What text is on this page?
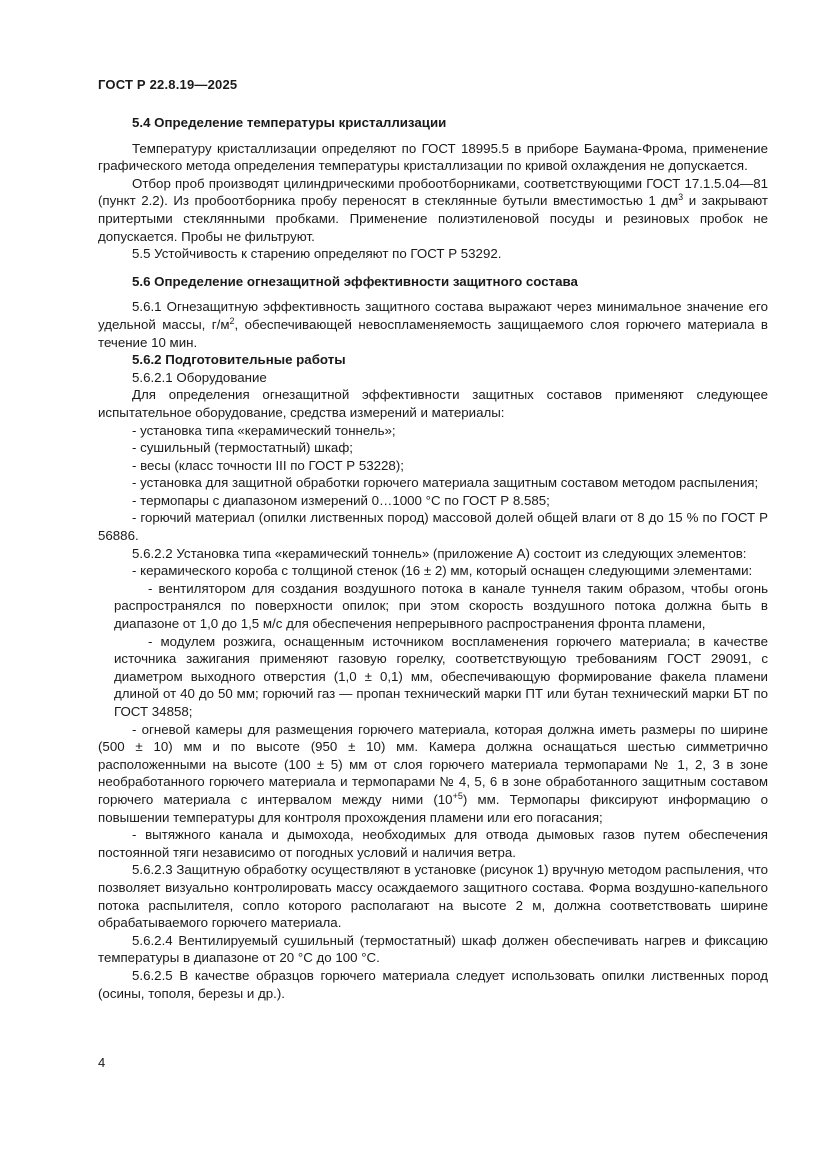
ГОСТ Р 22.8.19—2025

5.4 Определение температуры кристаллизации

Температуру кристаллизации определяют по ГОСТ 18995.5 в приборе Баумана-Фрома, применение графического метода определения температуры кристаллизации по кривой охлаждения не допускается.

Отбор проб производят цилиндрическими пробоотборниками, соответствующими ГОСТ 17.1.5.04—81 (пункт 2.2). Из пробоотборника пробу переносят в стеклянные бутыли вместимостью 1 $дм^3$ и закрывают притертыми стеклянными пробками. Применение полиэтиленовой посуды и резиновых пробок не допускается. Пробы не фильтруют.

5.5 Устойчивость к старению определяют по ГОСТ Р 53292.

5.6 Определение огнезащитной эффективности защитного состава

5.6.1 Огнезащитную эффективность защитного состава выражают через минимальное значение его удельной массы, $г/м^2$, обеспечивающей невоспламеняемость защищаемого слоя горючего материала в течение 10 мин.

5.6.2 Подготовительные работы

5.6.2.1 Оборудование

Для определения огнезащитной эффективности защитных составов применяют следующее испытательное оборудование, средства измерений и материалы:

- установка типа «керамический тоннель»;

- сушильный (термостатный) шкаф;

- весы (класс точности III по ГОСТ Р 53228);

- установка для защитной обработки горючего материала защитным составом методом распыления;

- термопары с диапазоном измерений 0…1000 °С по ГОСТ Р 8.585;

- горючий материал (опилки лиственных пород) массовой долей общей влаги от 8 до 15 % по ГОСТ Р 56886.

5.6.2.2 Установка типа «керамический тоннель» (приложение А) состоит из следующих элементов:

- керамического короба с толщиной стенок (16 ± 2) мм, который оснащен следующими элементами:

- вентилятором для создания воздушного потока в канале туннеля таким образом, чтобы огонь распространялся по поверхности опилок; при этом скорость воздушного потока должна быть в диапазоне от 1,0 до 1,5 м/с для обеспечения непрерывного распространения фронта пламени,

- модулем розжига, оснащенным источником воспламенения горючего материала; в качестве источника зажигания применяют газовую горелку, соответствующую требованиям ГОСТ 29091, с диаметром выходного отверстия (1,0 ± 0,1) мм, обеспечивающую формирование факела пламени длиной от 40 до 50 мм; горючий газ — пропан технический марки ПТ или бутан технический марки БТ по ГОСТ 34858;

- огневой камеры для размещения горючего материала, которая должна иметь размеры по ширине (500 ± 10) мм и по высоте (950 ± 10) мм. Камера должна оснащаться шестью симметрично расположенными на высоте (100 ± 5) мм от слоя горючего материала термопарами № 1, 2, 3 в зоне необработанного горючего материала и термопарами № 4, 5, 6 в зоне обработанного защитным составом горючего материала с интервалом между ними $(10^{+5})$ мм. Термопары фиксируют информацию о повышении температуры для контроля прохождения пламени или его погасания;

- вытяжного канала и дымохода, необходимых для отвода дымовых газов путем обеспечения постоянной тяги независимо от погодных условий и наличия ветра.

5.6.2.3 Защитную обработку осуществляют в установке (рисунок 1) вручную методом распыления, что позволяет визуально контролировать массу осаждаемого защитного состава. Форма воздушно-капельного потока распылителя, сопло которого располагают на высоте 2 м, должна соответствовать ширине обрабатываемого горючего материала.

5.6.2.4 Вентилируемый сушильный (термостатный) шкаф должен обеспечивать нагрев и фиксацию температуры в диапазоне от 20 °С до 100 °С.

5.6.2.5 В качестве образцов горючего материала следует использовать опилки лиственных пород (осины, тополя, березы и др.).

4
